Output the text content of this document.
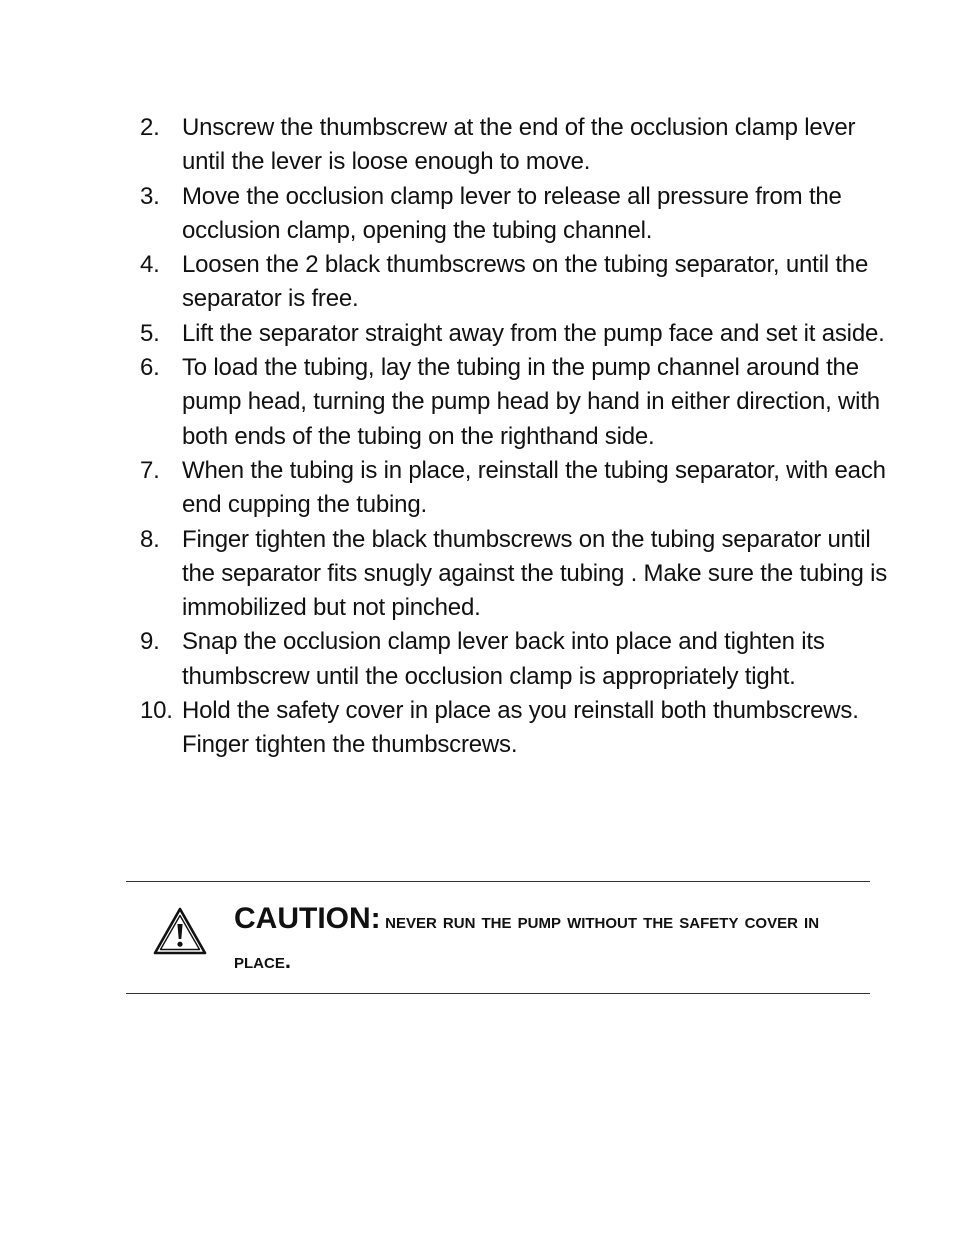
2. Unscrew the thumbscrew at the end of the occlusion clamp lever until the lever is loose enough to move.
3. Move the occlusion clamp lever to release all pressure from the occlusion clamp, opening the tubing channel.
4. Loosen the 2 black thumbscrews on the tubing separator, until the separator is free.
5. Lift the separator straight away from the pump face and set it aside.
6. To load the tubing, lay the tubing in the pump channel around the pump head, turning the pump head by hand in either direction, with both ends of the tubing on the righthand side.
7. When the tubing is in place, reinstall the tubing separator, with each end cupping the tubing.
8. Finger tighten the black thumbscrews on the tubing separator until the separator fits snugly against the tubing . Make sure the tubing is immobilized but not pinched.
9. Snap the occlusion clamp lever back into place and tighten its thumbscrew until the occlusion clamp is appropriately tight.
10. Hold the safety cover in place as you reinstall both thumbscrews. Finger tighten the thumbscrews.
CAUTION: never run the pump without the safety cover in place.
